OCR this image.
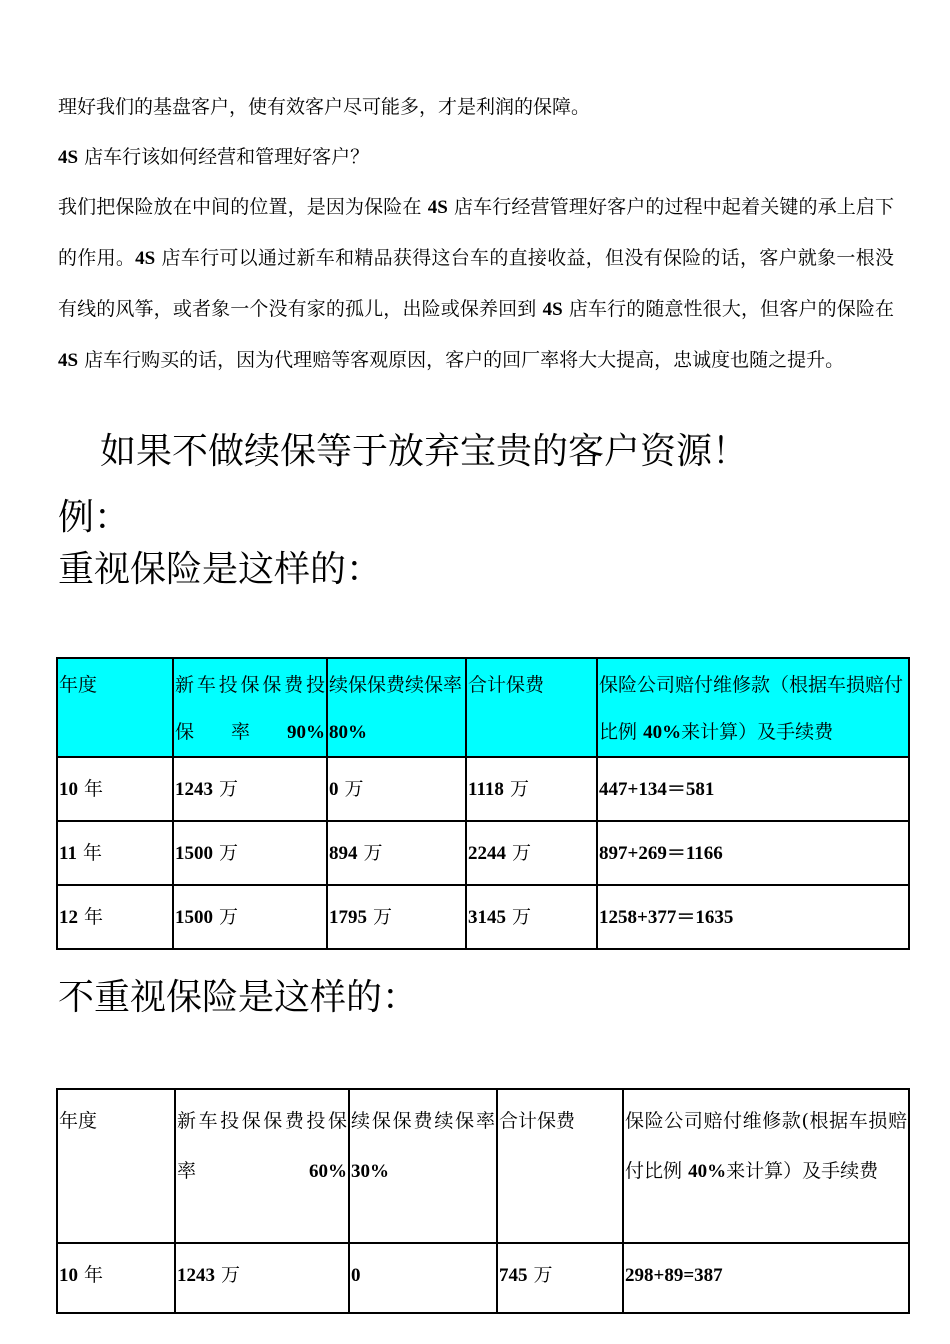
理好我们的基盘客户，使有效客户尽可能多，才是利润的保障。

4S 店车行该如何经营和管理好客户？

我们把保险放在中间的位置，是因为保险在 4S 店车行经营管理好客户的过程中起着关键的承上启下的作用。4S 店车行可以通过新车和精品获得这台车的直接收益，但没有保险的话，客户就象一根没有线的风筝，或者象一个没有家的孤儿，出险或保养回到 4S 店车行的随意性很大，但客户的保险在 4S 店车行购买的话，因为代理赔等客观原因，客户的回厂率将大大提高，忠诚度也随之提升。

如果不做续保等于放弃宝贵的客户资源！

例：

重视保险是这样的：

年度	新车投保保费投保率90%	续保保费续保率 80%	合计保费	保险公司赔付维修款（根据车损赔付比例 40%来计算）及手续费
10 年	1243 万	0 万	1118 万	447+134＝581
11 年	1500 万	894 万	2244 万	897+269＝1166
12 年	1500 万	1795 万	3145 万	1258+377＝1635

不重视保险是这样的：

年度	新车投保保费投保率60%	续保保费续保率 30%	合计保费	保险公司赔付维修款(根据车损赔付比例 40%来计算）及手续费
10 年	1243 万	0	745 万	298+89=387
